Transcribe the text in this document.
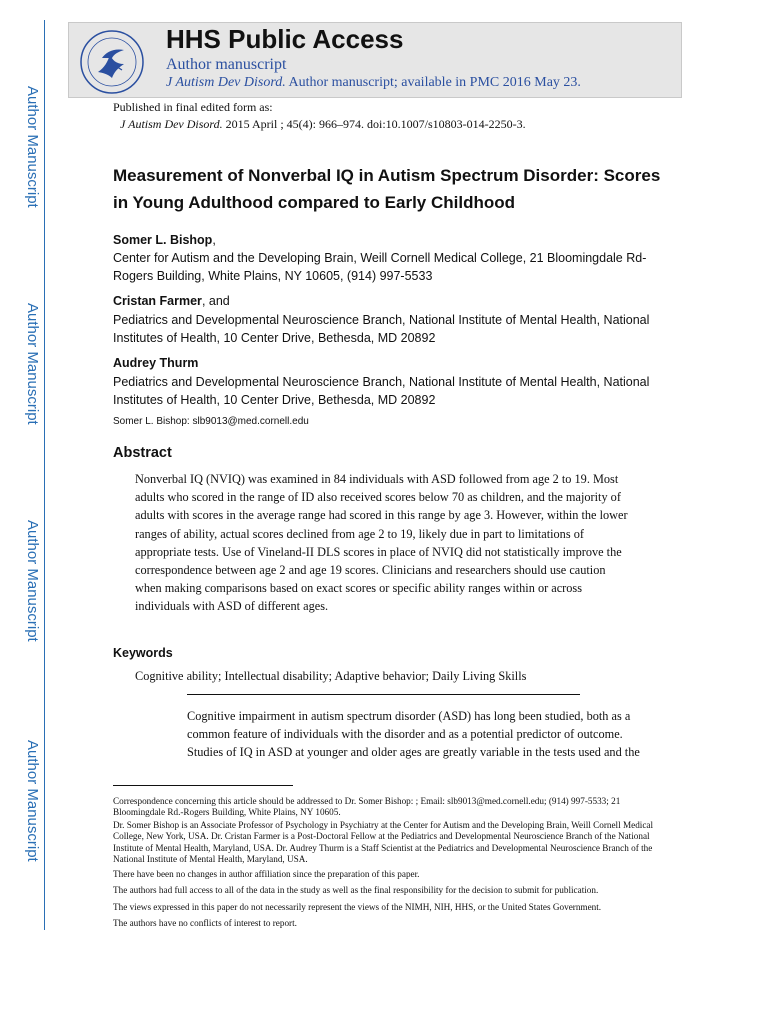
Author Manuscript
Author Manuscript
Author Manuscript
Author Manuscript
HHS Public Access
Author manuscript
J Autism Dev Disord. Author manuscript; available in PMC 2016 May 23.
Published in final edited form as:
J Autism Dev Disord. 2015 April ; 45(4): 966–974. doi:10.1007/s10803-014-2250-3.
Measurement of Nonverbal IQ in Autism Spectrum Disorder: Scores in Young Adulthood compared to Early Childhood
Somer L. Bishop,
Center for Autism and the Developing Brain, Weill Cornell Medical College, 21 Bloomingdale Rd-Rogers Building, White Plains, NY 10605, (914) 997-5533
Cristan Farmer, and
Pediatrics and Developmental Neuroscience Branch, National Institute of Mental Health, National Institutes of Health, 10 Center Drive, Bethesda, MD 20892
Audrey Thurm
Pediatrics and Developmental Neuroscience Branch, National Institute of Mental Health, National Institutes of Health, 10 Center Drive, Bethesda, MD 20892
Somer L. Bishop: slb9013@med.cornell.edu
Abstract
Nonverbal IQ (NVIQ) was examined in 84 individuals with ASD followed from age 2 to 19. Most adults who scored in the range of ID also received scores below 70 as children, and the majority of adults with scores in the average range had scored in this range by age 3. However, within the lower ranges of ability, actual scores declined from age 2 to 19, likely due in part to limitations of appropriate tests. Use of Vineland-II DLS scores in place of NVIQ did not statistically improve the correspondence between age 2 and age 19 scores. Clinicians and researchers should use caution when making comparisons based on exact scores or specific ability ranges within or across individuals with ASD of different ages.
Keywords
Cognitive ability; Intellectual disability; Adaptive behavior; Daily Living Skills
Cognitive impairment in autism spectrum disorder (ASD) has long been studied, both as a common feature of individuals with the disorder and as a potential predictor of outcome. Studies of IQ in ASD at younger and older ages are greatly variable in the tests used and the
Correspondence concerning this article should be addressed to Dr. Somer Bishop: ; Email: slb9013@med.cornell.edu; (914) 997-5533; 21 Bloomingdale Rd.-Rogers Building, White Plains, NY 10605.
Dr. Somer Bishop is an Associate Professor of Psychology in Psychiatry at the Center for Autism and the Developing Brain, Weill Cornell Medical College, New York, USA. Dr. Cristan Farmer is a Post-Doctoral Fellow at the Pediatrics and Developmental Neuroscience Branch of the National Institute of Mental Health, Maryland, USA. Dr. Audrey Thurm is a Staff Scientist at the Pediatrics and Developmental Neuroscience Branch of the National Institute of Mental Health, Maryland, USA.
There have been no changes in author affiliation since the preparation of this paper.
The authors had full access to all of the data in the study as well as the final responsibility for the decision to submit for publication.
The views expressed in this paper do not necessarily represent the views of the NIMH, NIH, HHS, or the United States Government.
The authors have no conflicts of interest to report.
